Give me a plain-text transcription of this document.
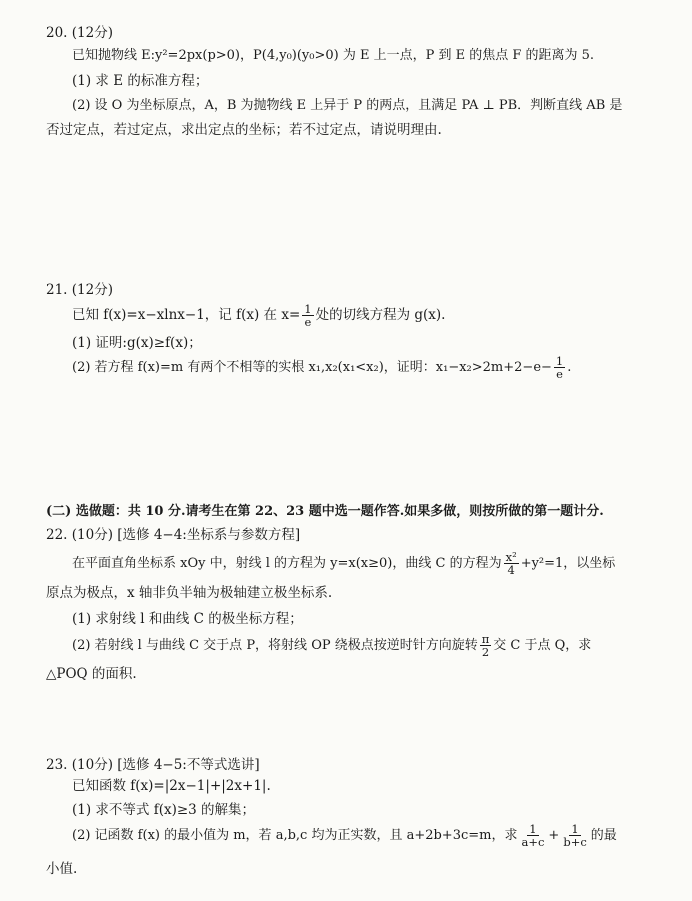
20. (12分)
已知抛物线 E:y²=2px(p>0)，P(4,y₀)(y₀>0) 为 E 上一点，P 到 E 的焦点 F 的距离为 5.
(1) 求 E 的标准方程；
(2) 设 O 为坐标原点，A，B 为抛物线 E 上异于 P 的两点，且满足 PA ⊥ PB．判断直线 AB 是
否过定点，若过定点，求出定点的坐标；若不过定点，请说明理由.
21. (12分)
已知 f(x)=x−xlnx−1，记 f(x) 在 $x= \frac{1}{e}$ 处的切线方程为 g(x).
(1) 证明:g(x)≥f(x)；
(2) 若方程 f(x)=m 有两个不相等的实根 x₁,x₂(x₁<x₂)，证明：$x_1-x_2>2m+2-e- \frac{1}{e}$ .
(二) 选做题：共 10 分.请考生在第 22、23 题中选一题作答.如果多做，则按所做的第一题计分.
22. (10分) [选修 4−4:坐标系与参数方程]
在平面直角坐标系 xOy 中，射线 l 的方程为 y=x(x≥0)，曲线 C 的方程为 $\frac{\text{x²}}{4} +y^2=1$，以坐标
原点为极点，x 轴非负半轴为极轴建立极坐标系.
(1) 求射线 l 和曲线 C 的极坐标方程；
(2) 若射线 l 与曲线 C 交于点 P，将射线 OP 绕极点按逆时针方向旋转 $\frac{\pi}{2}$ 交 C 于点 Q，求
△POQ 的面积.
23. (10分) [选修 4−5:不等式选讲]
已知函数 f(x)=|2x−1|+|2x+1|.
(1) 求不等式 f(x)≥3 的解集；
(2) 记函数 f(x) 的最小值为 m，若 a,b,c 均为正实数，且 a+2b+3c=m，求 $\frac{1}{a+c} + \frac{1}{b+c}$ 的最
小值.
